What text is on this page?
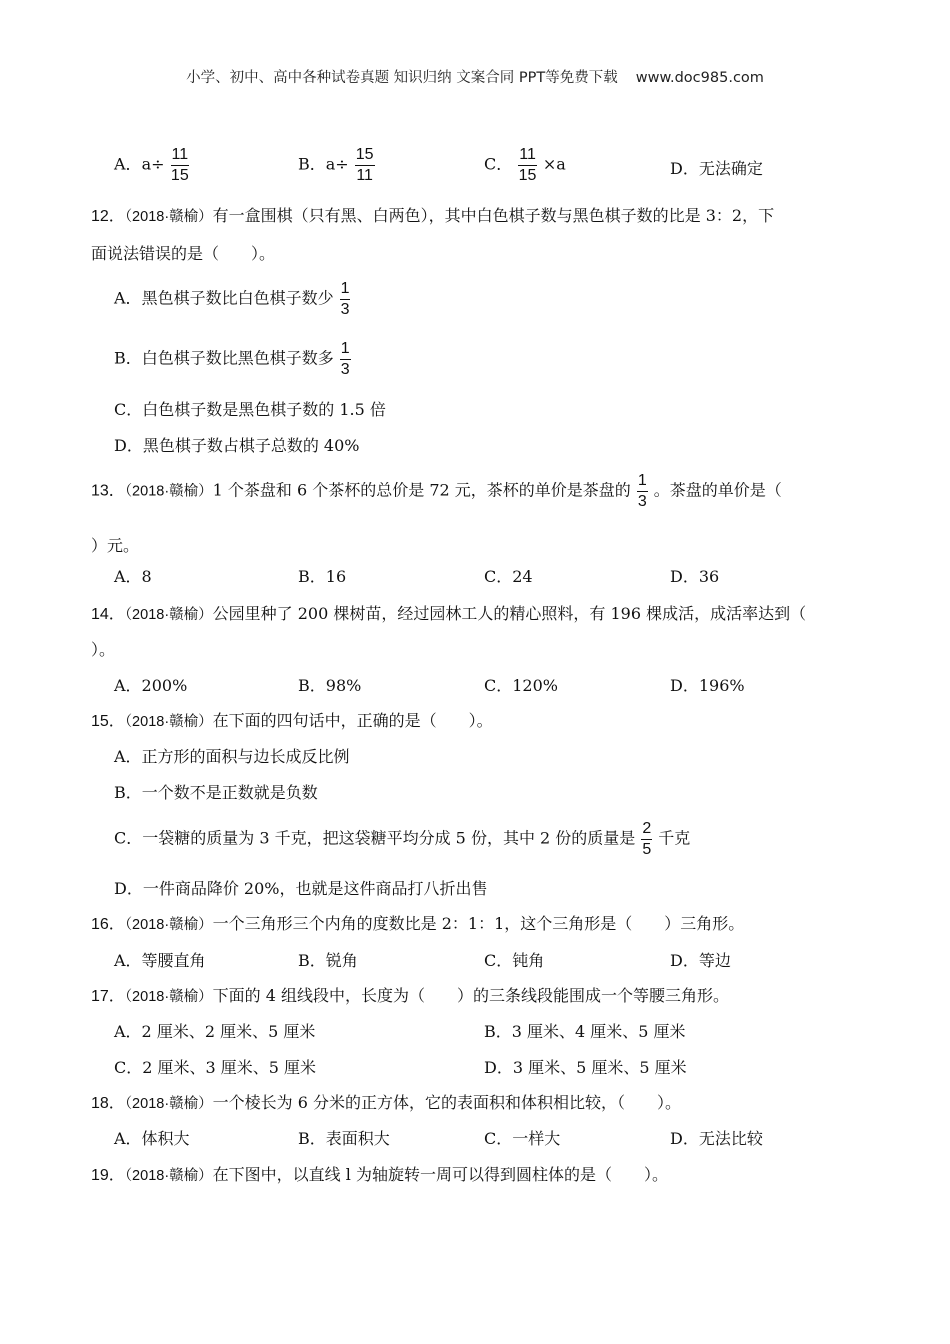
小学、初中、高中各种试卷真题 知识归纳 文案合同 PPT等免费下载 www.doc985.com
A．$a\div \frac{11}{15}$	B．$a\div \frac{15}{11}$	C． $\frac{11}{15} \times a$	D．无法确定
12．（2018·赣榆）有一盒围棋（只有黑、白两色），其中白色棋子数与黑色棋子数的比是 3：2，下
面说法错误的是（　　）。
A．黑色棋子数比白色棋子数少 $\frac{1}{3}$
B．白色棋子数比黑色棋子数多 $\frac{1}{3}$
C．白色棋子数是黑色棋子数的 1.5 倍
D．黑色棋子数占棋子总数的 40%
13．（2018·赣榆）1 个茶盘和 6 个茶杯的总价是 72 元，茶杯的单价是茶盘的 $\frac{1}{3}$ 。茶盘的单价是（
）元。
A．8	B．16	C．24	D．36
14．（2018·赣榆）公园里种了 200 棵树苗，经过园林工人的精心照料，有 196 棵成活，成活率达到（
）。
A．200%	B．98%	C．120%	D．196%
15．（2018·赣榆）在下面的四句话中，正确的是（　　）。
A．正方形的面积与边长成反比例
B．一个数不是正数就是负数
C．一袋糖的质量为 3 千克，把这袋糖平均分成 5 份，其中 2 份的质量是 $\frac{2}{5}$ 千克
D．一件商品降价 20%，也就是这件商品打八折出售
16．（2018·赣榆）一个三角形三个内角的度数比是 2：1：1，这个三角形是（　　）三角形。
A．等腰直角	B．锐角	C．钝角	D．等边
17．（2018·赣榆）下面的 4 组线段中，长度为（　　）的三条线段能围成一个等腰三角形。
A．2 厘米、2 厘米、5 厘米	B．3 厘米、4 厘米、5 厘米
C．2 厘米、3 厘米、5 厘米	D．3 厘米、5 厘米、5 厘米
18．（2018·赣榆）一个棱长为 6 分米的正方体，它的表面积和体积相比较，（　　）。
A．体积大	B．表面积大	C．一样大	D．无法比较
19．（2018·赣榆）在下图中，以直线 l 为轴旋转一周可以得到圆柱体的是（　　）。
